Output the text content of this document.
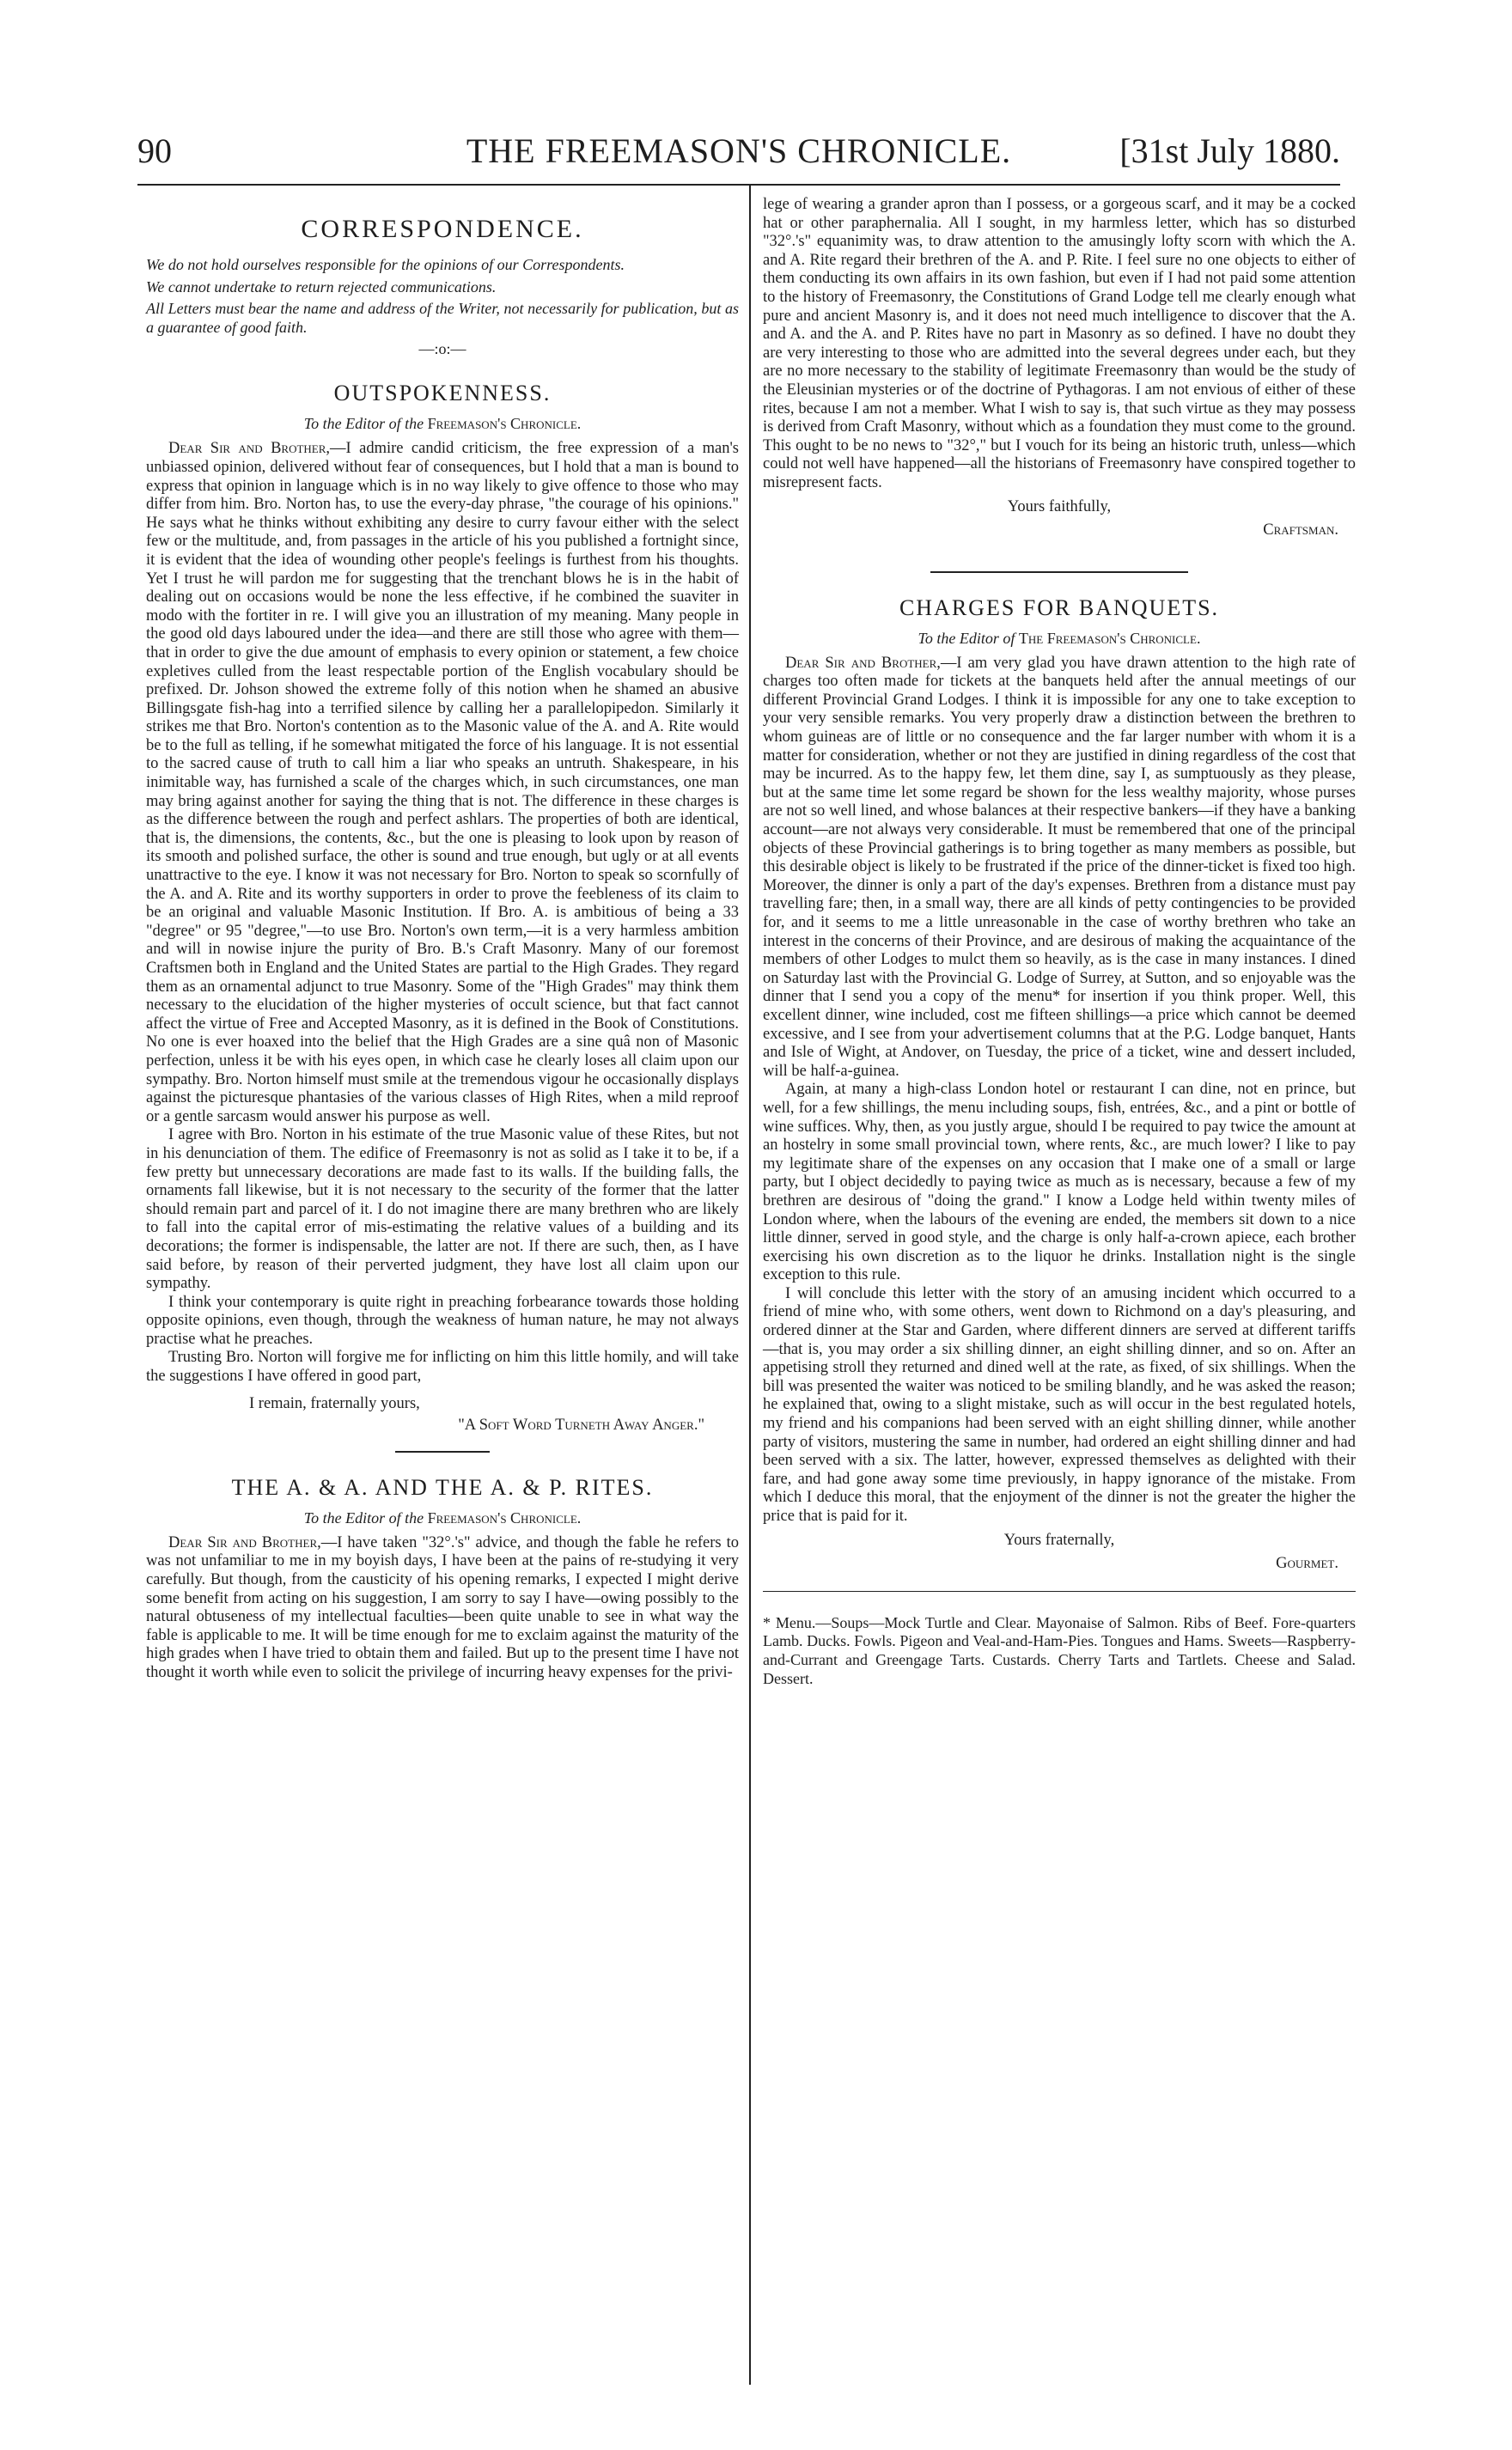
90	THE FREEMASON'S CHRONICLE.	[31st July 1880.
CORRESPONDENCE.

We do not hold ourselves responsible for the opinions of our Correspondents.

We cannot undertake to return rejected communications.

All Letters must bear the name and address of the Writer, not necessarily for publication, but as a guarantee of good faith.

—:o:—
OUTSPOKENNESS.
To the Editor of the Freemason's Chronicle.

Dear Sir and Brother,—I admire candid criticism, the free expression of a man's unbiassed opinion, delivered without fear of consequences, but I hold that a man is bound to express that opinion in language which is in no way likely to give offence to those who may differ from him. Bro. Norton has, to use the every-day phrase, "the courage of his opinions." He says what he thinks without exhibiting any desire to curry favour either with the select few or the multitude, and, from passages in the article of his you published a fortnight since, it is evident that the idea of wounding other people's feelings is furthest from his thoughts. Yet I trust he will pardon me for suggesting that the trenchant blows he is in the habit of dealing out on occasions would be none the less effective, if he combined the suaviter in modo with the fortiter in re. I will give you an illustration of my meaning. Many people in the good old days laboured under the idea—and there are still those who agree with them—that in order to give the due amount of emphasis to every opinion or statement, a few choice expletives culled from the least respectable portion of the English vocabulary should be prefixed. Dr. Johson showed the extreme folly of this notion when he shamed an abusive Billingsgate fish-hag into a terrified silence by calling her a parallelopipedon. Similarly it strikes me that Bro. Norton's contention as to the Masonic value of the A. and A. Rite would be to the full as telling, if he somewhat mitigated the force of his language. It is not essential to the sacred cause of truth to call him a liar who speaks an untruth. Shakespeare, in his inimitable way, has furnished a scale of the charges which, in such circumstances, one man may bring against another for saying the thing that is not. The difference in these charges is as the difference between the rough and perfect ashlars. The properties of both are identical, that is, the dimensions, the contents, &c., but the one is pleasing to look upon by reason of its smooth and polished surface, the other is sound and true enough, but ugly or at all events unattractive to the eye. I know it was not necessary for Bro. Norton to speak so scornfully of the A. and A. Rite and its worthy supporters in order to prove the feebleness of its claim to be an original and valuable Masonic Institution. If Bro. A. is ambitious of being a 33 "degree" or 95 "degree,"—to use Bro. Norton's own term,—it is a very harmless ambition and will in nowise injure the purity of Bro. B.'s Craft Masonry. Many of our foremost Craftsmen both in England and the United States are partial to the High Grades. They regard them as an ornamental adjunct to true Masonry. Some of the "High Grades" may think them necessary to the elucidation of the higher mysteries of occult science, but that fact cannot affect the virtue of Free and Accepted Masonry, as it is defined in the Book of Constitutions. No one is ever hoaxed into the belief that the High Grades are a sine quâ non of Masonic perfection, unless it be with his eyes open, in which case he clearly loses all claim upon our sympathy. Bro. Norton himself must smile at the tremendous vigour he occasionally displays against the picturesque phantasies of the various classes of High Rites, when a mild reproof or a gentle sarcasm would answer his purpose as well.

I agree with Bro. Norton in his estimate of the true Masonic value of these Rites, but not in his denunciation of them. The edifice of Freemasonry is not as solid as I take it to be, if a few pretty but unnecessary decorations are made fast to its walls. If the building falls, the ornaments fall likewise, but it is not necessary to the security of the former that the latter should remain part and parcel of it. I do not imagine there are many brethren who are likely to fall into the capital error of mis-estimating the relative values of a building and its decorations; the former is indispensable, the latter are not. If there are such, then, as I have said before, by reason of their perverted judgment, they have lost all claim upon our sympathy.

I think your contemporary is quite right in preaching forbearance towards those holding opposite opinions, even though, through the weakness of human nature, he may not always practise what he preaches.

Trusting Bro. Norton will forgive me for inflicting on him this little homily, and will take the suggestions I have offered in good part,

I remain, fraternally yours,

"A Soft Word Turneth Away Anger."

THE A. & A. AND THE A. & P. RITES.
To the Editor of the Freemason's Chronicle.

Dear Sir and Brother,—I have taken "32°.'s" advice, and though the fable he refers to was not unfamiliar to me in my boyish days, I have been at the pains of re-studying it very carefully. But though, from the causticity of his opening remarks, I expected I might derive some benefit from acting on his suggestion, I am sorry to say I have—owing possibly to the natural obtuseness of my intellectual faculties—been quite unable to see in what way the fable is applicable to me. It will be time enough for me to exclaim against the maturity of the high grades when I have tried to obtain them and failed. But up to the present time I have not thought it worth while even to solicit the privilege of incurring heavy expenses for the privi-

lege of wearing a grander apron than I possess, or a gorgeous scarf, and it may be a cocked hat or other paraphernalia. All I sought, in my harmless letter, which has so disturbed "32°.'s" equanimity was, to draw attention to the amusingly lofty scorn with which the A. and A. Rite regard their brethren of the A. and P. Rite. I feel sure no one objects to either of them conducting its own affairs in its own fashion, but even if I had not paid some attention to the history of Freemasonry, the Constitutions of Grand Lodge tell me clearly enough what pure and ancient Masonry is, and it does not need much intelligence to discover that the A. and A. and the A. and P. Rites have no part in Masonry as so defined. I have no doubt they are very interesting to those who are admitted into the several degrees under each, but they are no more necessary to the stability of legitimate Freemasonry than would be the study of the Eleusinian mysteries or of the doctrine of Pythagoras. I am not envious of either of these rites, because I am not a member. What I wish to say is, that such virtue as they may possess is derived from Craft Masonry, without which as a foundation they must come to the ground. This ought to be no news to "32°," but I vouch for its being an historic truth, unless—which could not well have happened—all the historians of Freemasonry have conspired together to misrepresent facts.

Yours faithfully,

Craftsman.

CHARGES FOR BANQUETS.
To the Editor of The Freemason's Chronicle.

Dear Sir and Brother,—I am very glad you have drawn attention to the high rate of charges too often made for tickets at the banquets held after the annual meetings of our different Provincial Grand Lodges. I think it is impossible for any one to take exception to your very sensible remarks. You very properly draw a distinction between the brethren to whom guineas are of little or no consequence and the far larger number with whom it is a matter for consideration, whether or not they are justified in dining regardless of the cost that may be incurred. As to the happy few, let them dine, say I, as sumptuously as they please, but at the same time let some regard be shown for the less wealthy majority, whose purses are not so well lined, and whose balances at their respective bankers—if they have a banking account—are not always very considerable. It must be remembered that one of the principal objects of these Provincial gatherings is to bring together as many members as possible, but this desirable object is likely to be frustrated if the price of the dinner-ticket is fixed too high. Moreover, the dinner is only a part of the day's expenses. Brethren from a distance must pay travelling fare; then, in a small way, there are all kinds of petty contingencies to be provided for, and it seems to me a little unreasonable in the case of worthy brethren who take an interest in the concerns of their Province, and are desirous of making the acquaintance of the members of other Lodges to mulct them so heavily, as is the case in many instances. I dined on Saturday last with the Provincial G. Lodge of Surrey, at Sutton, and so enjoyable was the dinner that I send you a copy of the menu* for insertion if you think proper. Well, this excellent dinner, wine included, cost me fifteen shillings—a price which cannot be deemed excessive, and I see from your advertisement columns that at the P.G. Lodge banquet, Hants and Isle of Wight, at Andover, on Tuesday, the price of a ticket, wine and dessert included, will be half-a-guinea.

Again, at many a high-class London hotel or restaurant I can dine, not en prince, but well, for a few shillings, the menu including soups, fish, entrées, &c., and a pint or bottle of wine suffices. Why, then, as you justly argue, should I be required to pay twice the amount at an hostelry in some small provincial town, where rents, &c., are much lower? I like to pay my legitimate share of the expenses on any occasion that I make one of a small or large party, but I object decidedly to paying twice as much as is necessary, because a few of my brethren are desirous of "doing the grand." I know a Lodge held within twenty miles of London where, when the labours of the evening are ended, the members sit down to a nice little dinner, served in good style, and the charge is only half-a-crown apiece, each brother exercising his own discretion as to the liquor he drinks. Installation night is the single exception to this rule.

I will conclude this letter with the story of an amusing incident which occurred to a friend of mine who, with some others, went down to Richmond on a day's pleasuring, and ordered dinner at the Star and Garden, where different dinners are served at different tariffs—that is, you may order a six shilling dinner, an eight shilling dinner, and so on. After an appetising stroll they returned and dined well at the rate, as fixed, of six shillings. When the bill was presented the waiter was noticed to be smiling blandly, and he was asked the reason; he explained that, owing to a slight mistake, such as will occur in the best regulated hotels, my friend and his companions had been served with an eight shilling dinner, while another party of visitors, mustering the same in number, had ordered an eight shilling dinner and had been served with a six. The latter, however, expressed themselves as delighted with their fare, and had gone away some time previously, in happy ignorance of the mistake. From which I deduce this moral, that the enjoyment of the dinner is not the greater the higher the price that is paid for it.

Yours fraternally,

Gourmet.

* Menu.—Soups—Mock Turtle and Clear. Mayonaise of Salmon. Ribs of Beef. Fore-quarters Lamb. Ducks. Fowls. Pigeon and Veal-and-Ham-Pies. Tongues and Hams. Sweets—Raspberry-and-Currant and Greengage Tarts. Custards. Cherry Tarts and Tartlets. Cheese and Salad. Dessert.
